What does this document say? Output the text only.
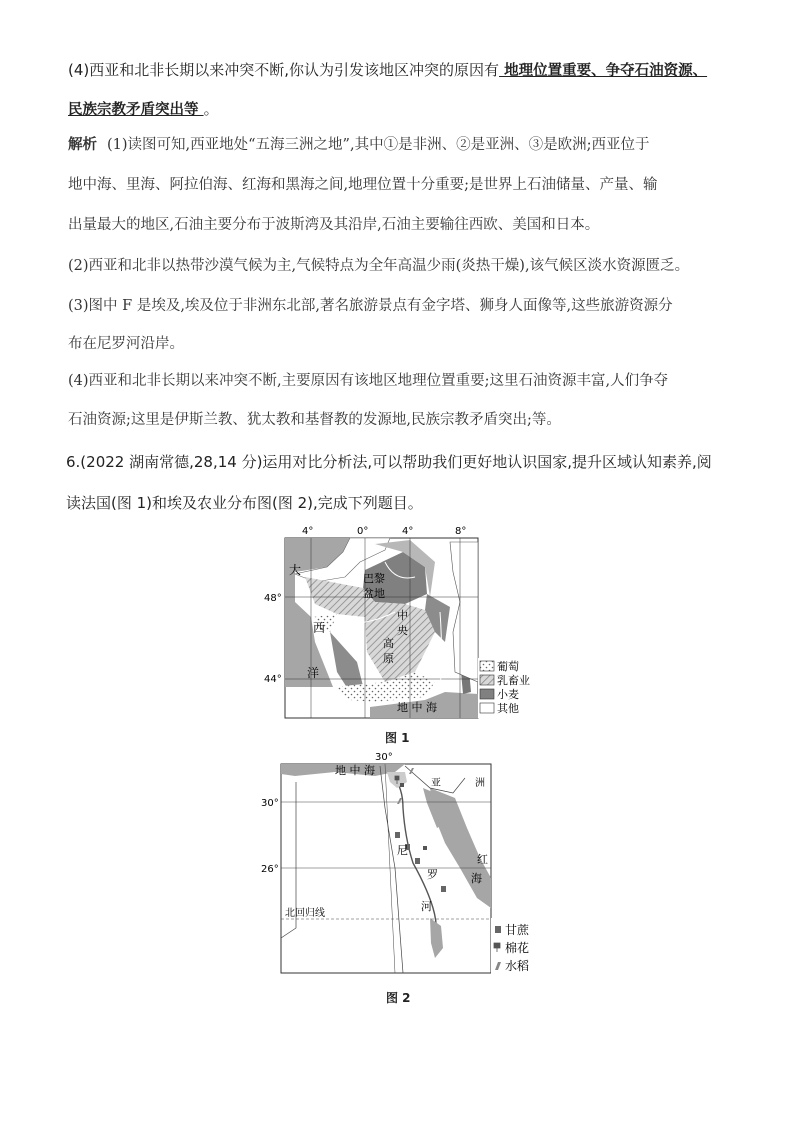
(4)西亚和北非长期以来冲突不断,你认为引发该地区冲突的原因有 地理位置重要、争夺石油资源、
民族宗教矛盾突出等 。
解析 (1)读图可知,西亚地处“五海三洲之地”,其中①是非洲、②是亚洲、③是欧洲;西亚位于
地中海、里海、阿拉伯海、红海和黑海之间,地理位置十分重要;是世界上石油储量、产量、输
出量最大的地区,石油主要分布于波斯湾及其沿岸,石油主要输往西欧、美国和日本。
(2)西亚和北非以热带沙漠气候为主,气候特点为全年高温少雨(炎热干燥),该气候区淡水资源匮乏。
(3)图中 F 是埃及,埃及位于非洲东北部,著名旅游景点有金字塔、狮身人面像等,这些旅游资源分
布在尼罗河沿岸。
(4)西亚和北非长期以来冲突不断,主要原因有该地区地理位置重要;这里石油资源丰富,人们争夺
石油资源;这里是伊斯兰教、犹太教和基督教的发源地,民族宗教矛盾突出;等。
6.(2022 湖南常德,28,14 分)运用对比分析法,可以帮助我们更好地认识国家,提升区域认知素养,阅
读法国(图 1)和埃及农业分布图(图 2),完成下列题目。
4°	0°	4°	8°
48°
44°
大
西
洋
巴黎
盆地
中
央
高
原
地 中 海
葡萄
乳畜业
小麦
其他
图 1
30°
30°
26°
地 中 海
亚	洲
红
海
尼
罗
河
北回归线
甘蔗
棉花
水稻
图 2
